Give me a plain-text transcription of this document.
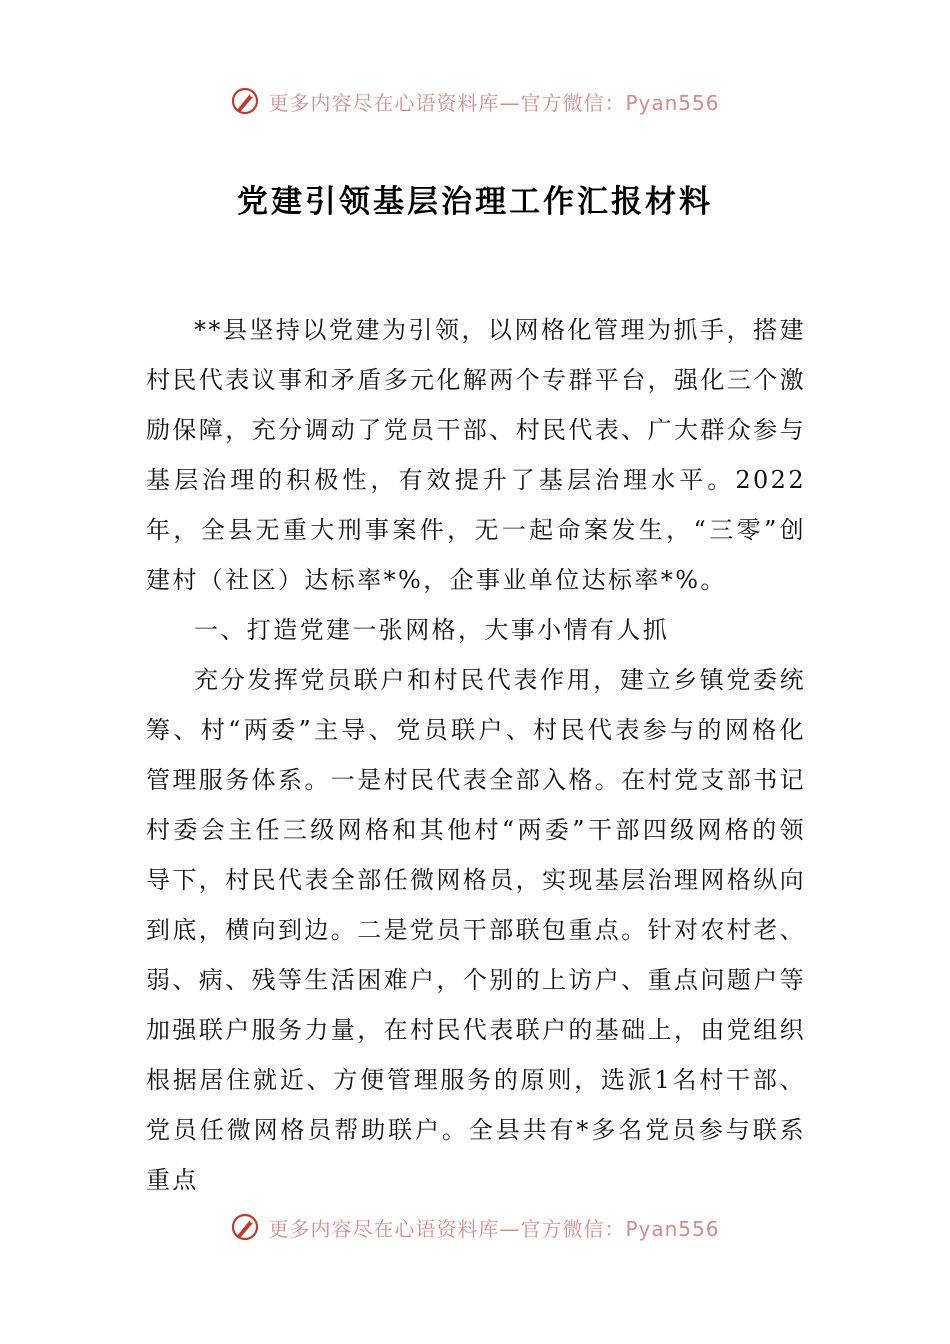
更多内容尽在心语资料库—官方微信：Pyan556
党建引领基层治理工作汇报材料

**县坚持以党建为引领，以网格化管理为抓手，搭建村民代表议事和矛盾多元化解两个专群平台，强化三个激励保障，充分调动了党员干部、村民代表、广大群众参与基层治理的积极性，有效提升了基层治理水平。2022年，全县无重大刑事案件，无一起命案发生，“三零”创建村（社区）达标率*%，企事业单位达标率*%。

一、打造党建一张网格，大事小情有人抓

充分发挥党员联户和村民代表作用，建立乡镇党委统筹、村“两委”主导、党员联户、村民代表参与的网格化管理服务体系。一是村民代表全部入格。在村党支部书记村委会主任三级网格和其他村“两委”干部四级网格的领导下，村民代表全部任微网格员，实现基层治理网格纵向到底，横向到边。二是党员干部联包重点。针对农村老、弱、病、残等生活困难户，个别的上访户、重点问题户等加强联户服务力量，在村民代表联户的基础上，由党组织根据居住就近、方便管理服务的原则，选派1名村干部、党员任微网格员帮助联户。全县共有*多名党员参与联系重点

更多内容尽在心语资料库—官方微信：Pyan556
